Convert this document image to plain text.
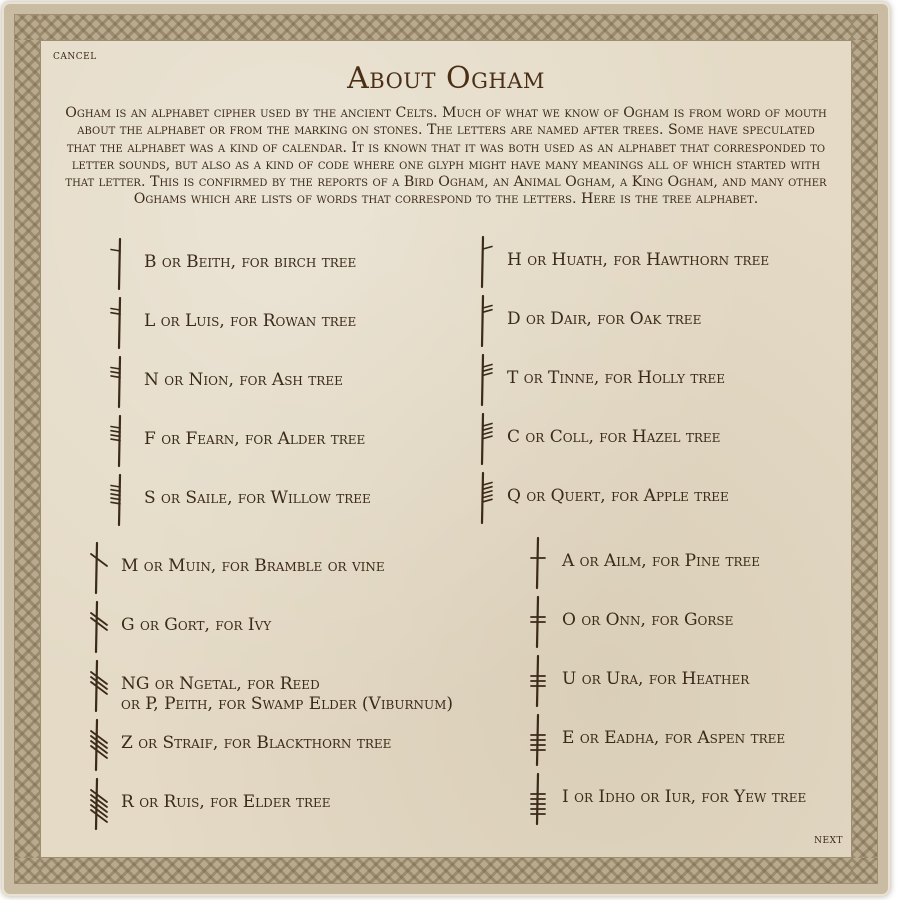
cancel
About Ogham

Ogham is an alphabet cipher used by the ancient Celts. Much of what we know of Ogham is from word of mouth about the alphabet or from the marking on stones. The letters are named after trees. Some have speculated that the alphabet was a kind of calendar. It is known that it was both used as an alphabet that corresponded to letter sounds, but also as a kind of code where one glyph might have many meanings all of which started with that letter. This is confirmed by the reports of a Bird Ogham, an Animal Ogham, a King Ogham, and many other Oghams which are lists of words that correspond to the letters. Here is the tree alphabet.

B or Beith, for birch tree
L or Luis, for Rowan tree
N or Nion, for Ash tree
F or Fearn, for Alder tree
S or Saile, for Willow tree
H or Huath, for Hawthorn tree
D or Dair, for Oak tree
T or Tinne, for Holly tree
C or Coll, for Hazel tree
Q or Quert, for Apple tree
M or Muin, for Bramble or vine
G or Gort, for Ivy
NG or Ngetal, for Reed
or P, Peith, for Swamp Elder (Viburnum)
Z or Straif, for Blackthorn tree
R or Ruis, for Elder tree
A or Ailm, for Pine tree
O or Onn, for Gorse
U or Ura, for Heather
E or Eadha, for Aspen tree
I or Idho or Iur, for Yew tree
next
